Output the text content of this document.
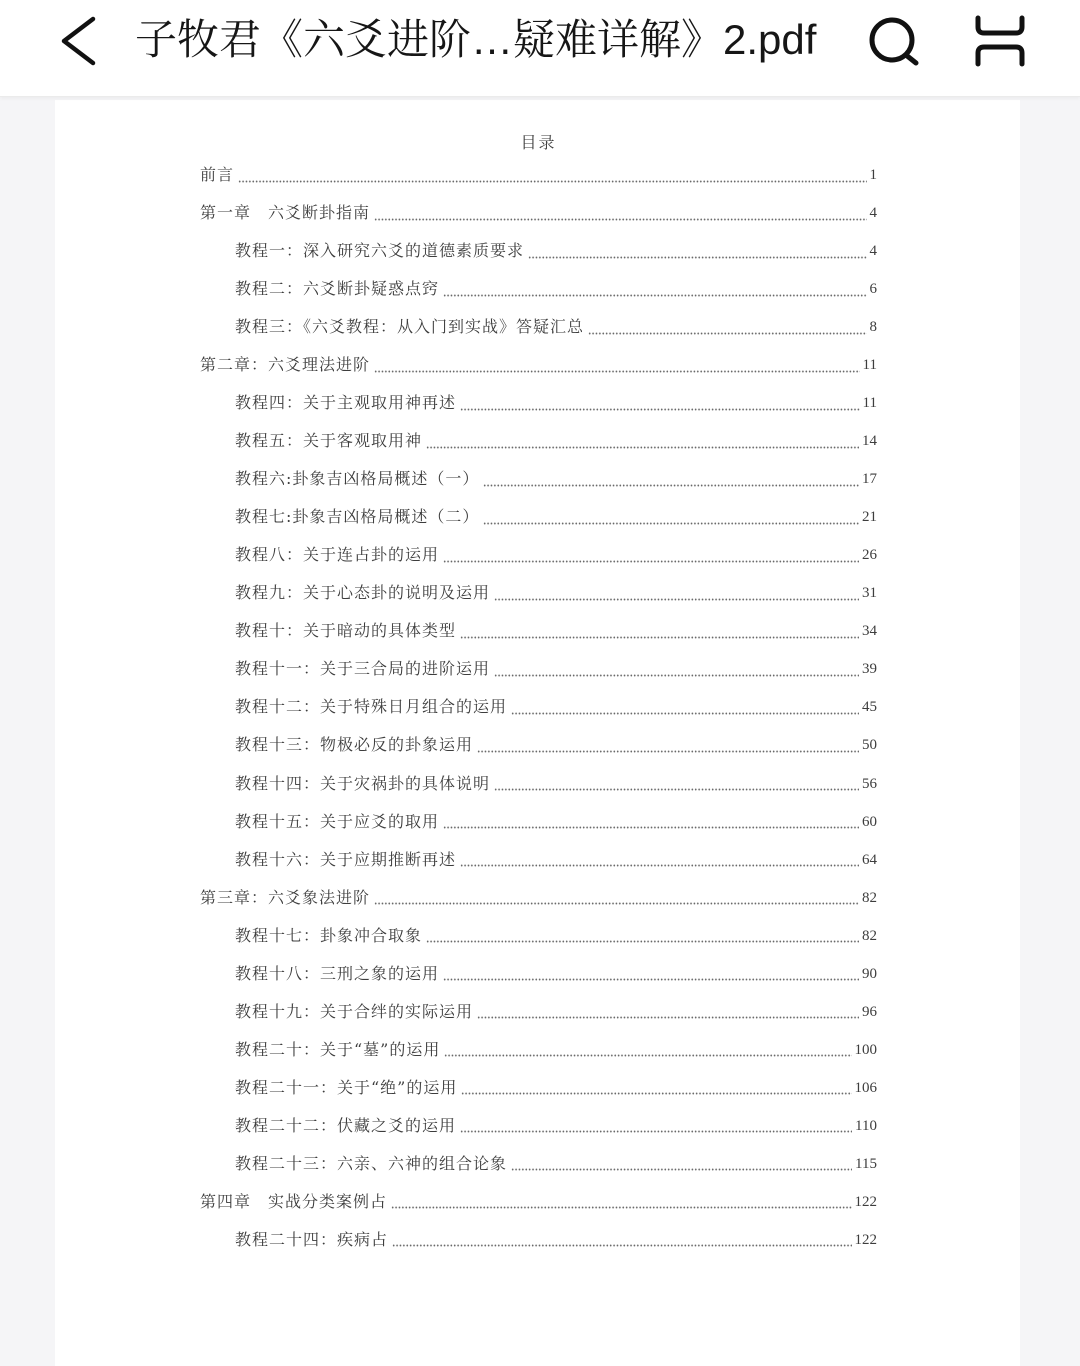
子牧君《六爻进阶…疑难详解》2.pdf
目录
前言	1
第一章　六爻断卦指南	4
教程一：深入研究六爻的道德素质要求	4
教程二：六爻断卦疑惑点窍	6
教程三：《六爻教程：从入门到实战》答疑汇总	8
第二章：六爻理法进阶	11
教程四：关于主观取用神再述	11
教程五：关于客观取用神	14
教程六:卦象吉凶格局概述（一）	17
教程七:卦象吉凶格局概述（二）	21
教程八：关于连占卦的运用	26
教程九：关于心态卦的说明及运用	31
教程十：关于暗动的具体类型	34
教程十一：关于三合局的进阶运用	39
教程十二：关于特殊日月组合的运用	45
教程十三：物极必反的卦象运用	50
教程十四：关于灾祸卦的具体说明	56
教程十五：关于应爻的取用	60
教程十六：关于应期推断再述	64
第三章：六爻象法进阶	82
教程十七：卦象冲合取象	82
教程十八：三刑之象的运用	90
教程十九：关于合绊的实际运用	96
教程二十：关于“墓”的运用	100
教程二十一：关于“绝”的运用	106
教程二十二：伏藏之爻的运用	110
教程二十三：六亲、六神的组合论象	115
第四章　实战分类案例占	122
教程二十四：疾病占	122
